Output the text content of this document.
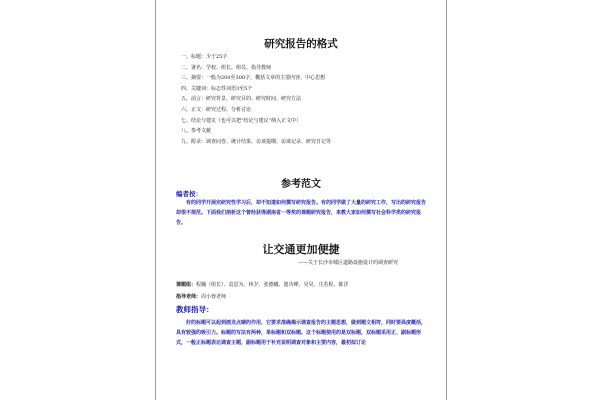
研究报告的格式
一、标题：少于25字
二、署名：学校、组长、组员、指导教师
三、摘要：一般为200至300字，概括文章的主要内容、中心思想
四、关键词：标志性词语3至5个
五、前言：研究背景、研究目的、研究时间、研究方法
六、正文：研究过程、分析讨论
七、结论与建议（也可以把“结论与建议”纳入正文中）
八、参考文献
九、附录：调查问卷、统计结果、访谈提纲、访谈记录、研究日记等
参考范文
编者按：
有的同学开展完研究性学习后，却不知道如何撰写研究报告。有的同学做了大量的研究工作，写出的研究报告却很不规范。下面我们剖析这个曾经获得湖南省一等奖的课题研究报告，来教大家如何撰写社会科学类的研究报告。
让交通更加便捷
——关于长沙市城区道路设施设计的调查研究
课题组：程瀚（组长）、袁思为、林夕、张德曦、楚功峰、吴昊、庄若程、陈洋
指导老师：周小蓉老师
教师指导：
好的标题可以起到画龙点睛的作用，它要求准确揭示调查报告的主题思想，做到题文相符，同时要高度概括，具有较强的吸引力。标题的写法有两种，单标题和双标题。这个标题使用的是双标题，双标题采用正、副标题形式，一般正标题表达调查主题，副标题用于补充说明调查对象和主要内容，最初拟订论
